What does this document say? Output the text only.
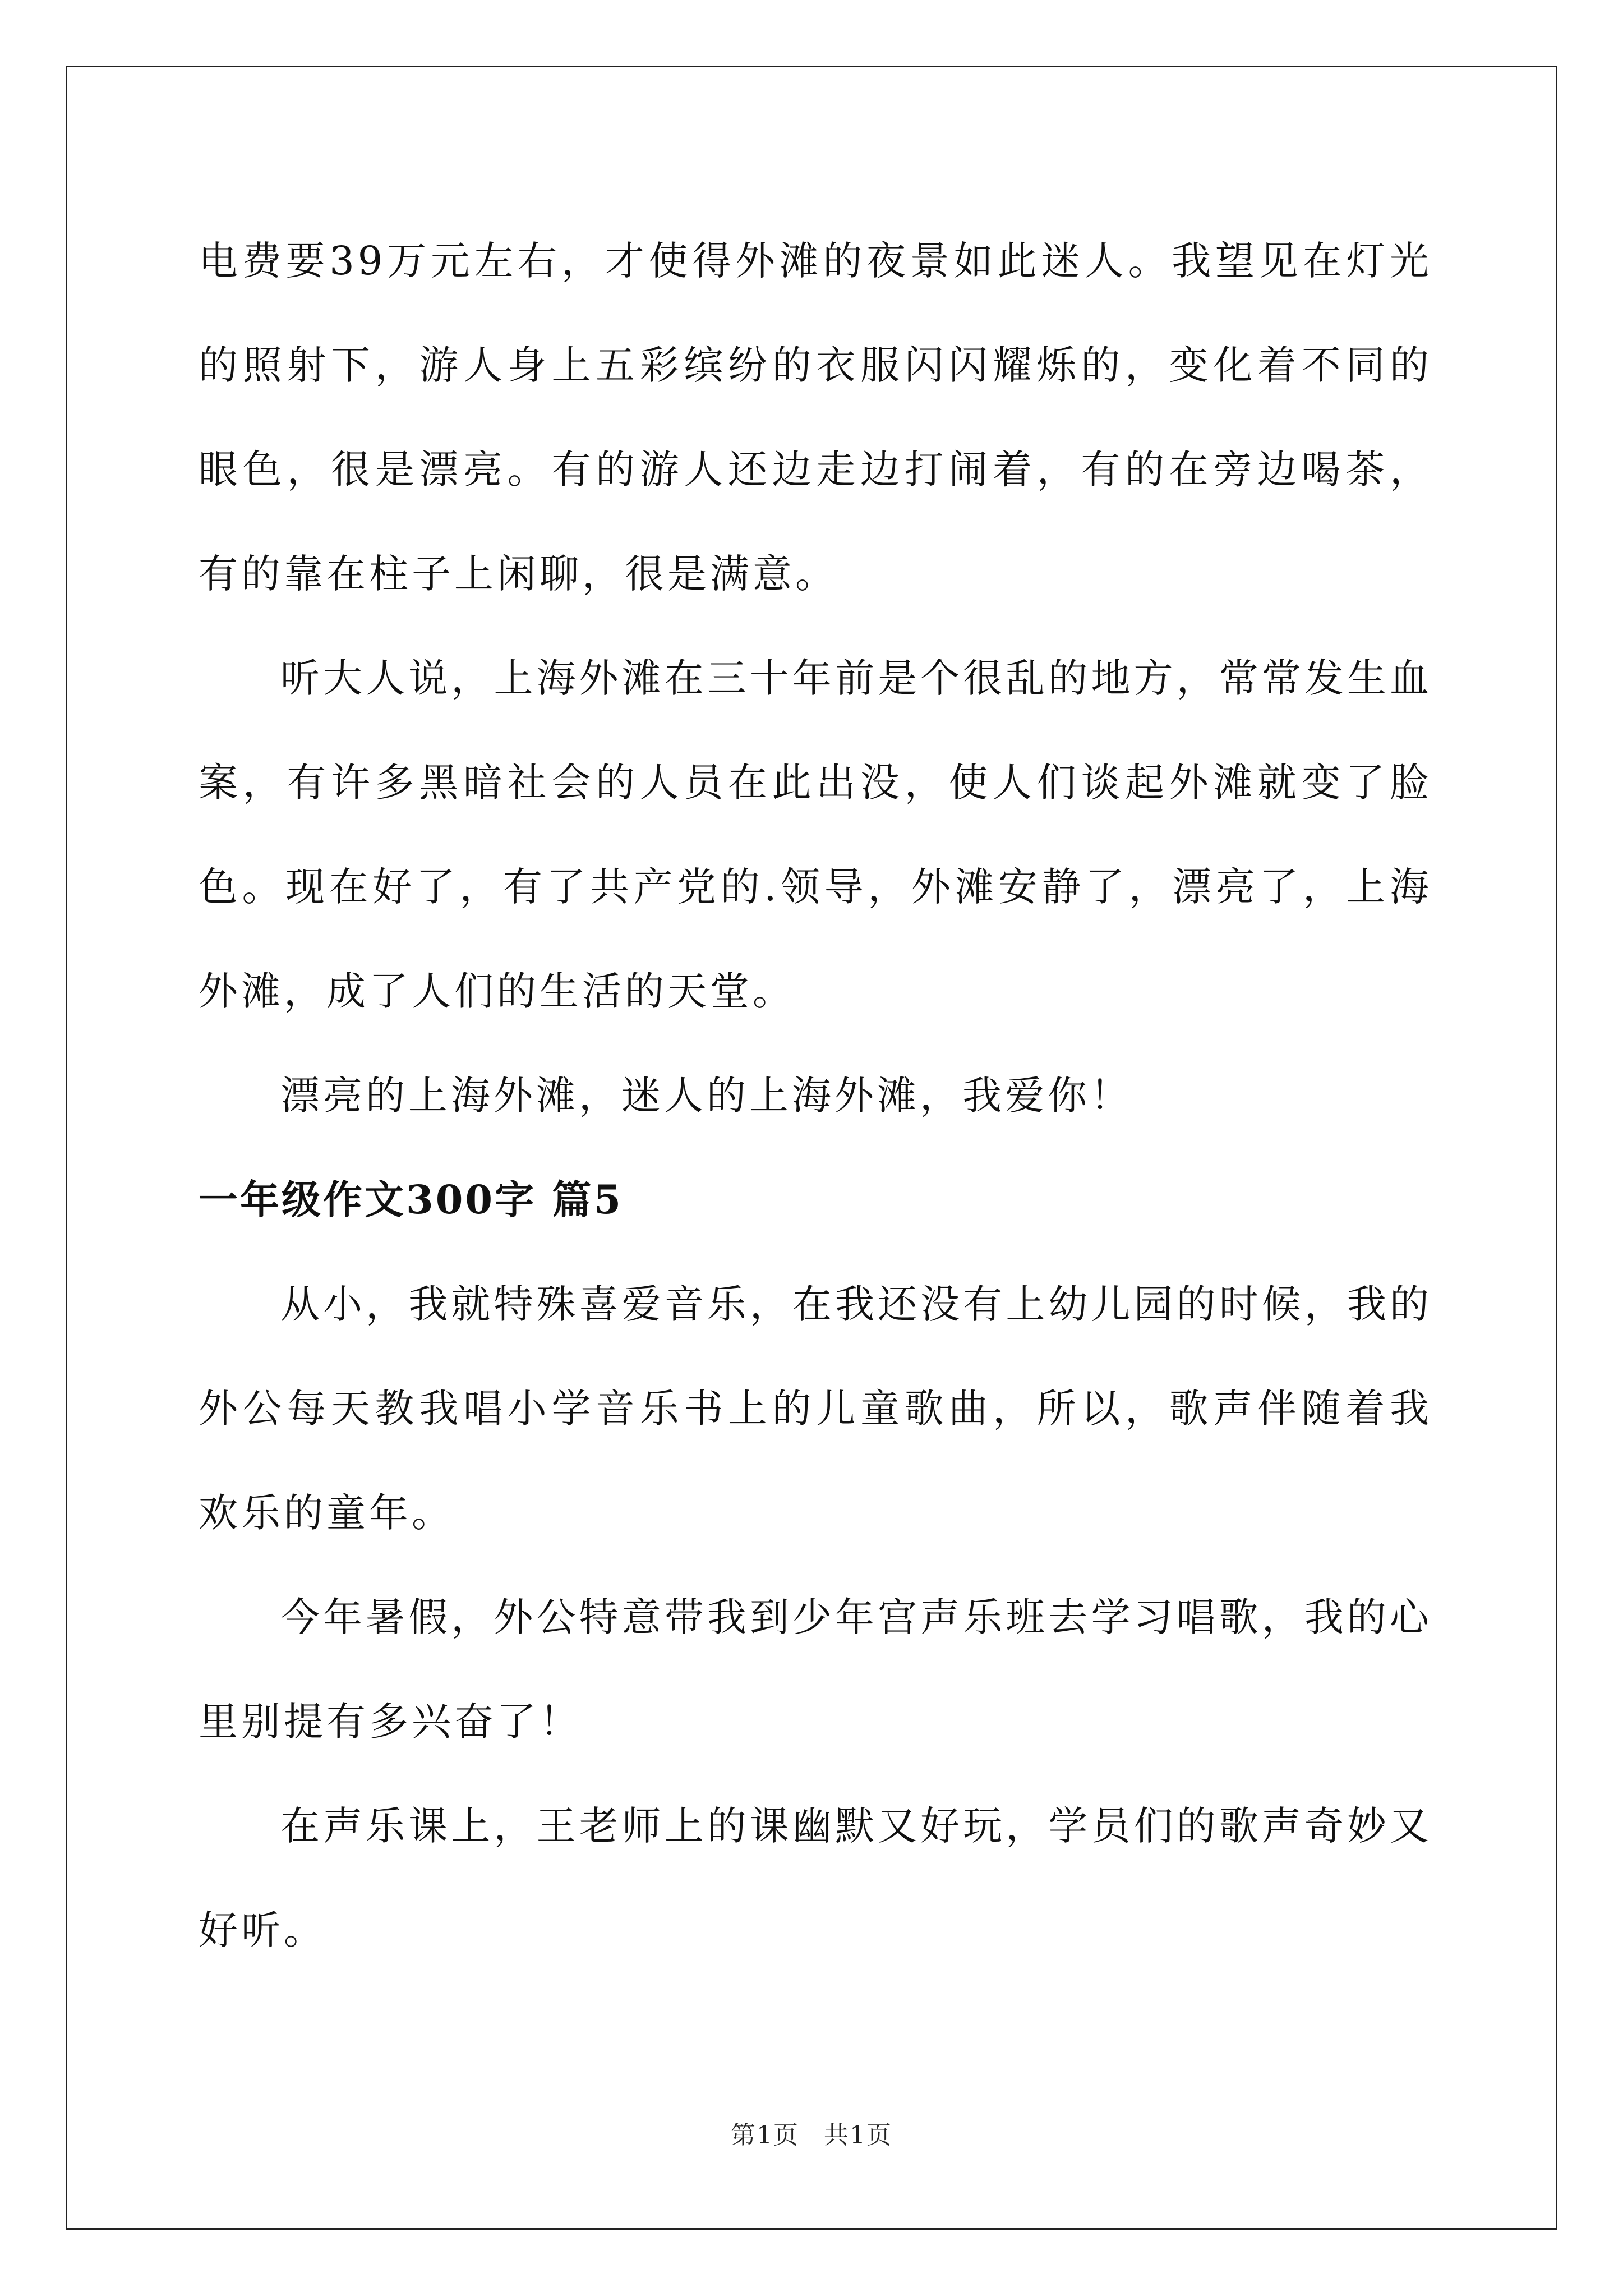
电费要39万元左右，才使得外滩的夜景如此迷人。我望见在灯光的照射下，游人身上五彩缤纷的衣服闪闪耀烁的，变化着不同的眼色，很是漂亮。有的游人还边走边打闹着，有的在旁边喝茶，有的靠在柱子上闲聊，很是满意。

听大人说，上海外滩在三十年前是个很乱的地方，常常发生血案，有许多黑暗社会的人员在此出没，使人们谈起外滩就变了脸色。现在好了，有了共产党的.领导，外滩安静了，漂亮了，上海外滩，成了人们的生活的天堂。

漂亮的上海外滩，迷人的上海外滩，我爱你！

一年级作文300字 篇5

从小，我就特殊喜爱音乐，在我还没有上幼儿园的时候，我的外公每天教我唱小学音乐书上的儿童歌曲，所以，歌声伴随着我欢乐的童年。

今年暑假，外公特意带我到少年宫声乐班去学习唱歌，我的心里别提有多兴奋了！

在声乐课上，王老师上的课幽默又好玩，学员们的歌声奇妙又好听。

第1页 共1页
